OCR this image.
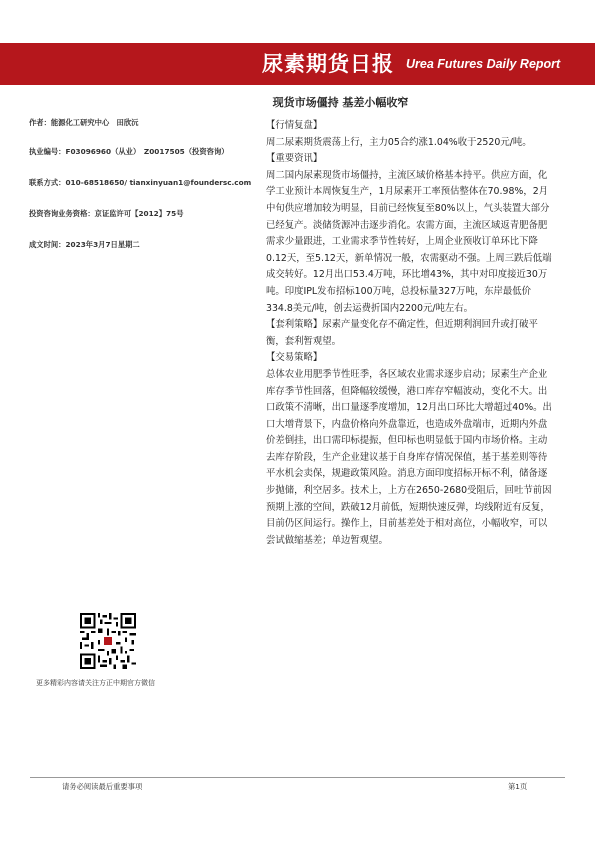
尿素期货日报 Urea Futures Daily Report
现货市场僵持 基差小幅收窄
作者：能源化工研究中心　田欣沅
执业编号：F03096960（从业）　Z0017505（投资咨询）
联系方式：010-68518650/ tianxinyuan1@foundersc.com
投资咨询业务资格：京证监许可【2012】75号
成文时间：2023年3月7日星期二
【行情复盘】
周二尿素期货震荡上行，主力05合约涨1.04%收于2520元/吨。
【重要资讯】
周二国内尿素现货市场僵持，主流区域价格基本持平。供应方面，化学工业预计本周恢复生产，1月尿素开工率预估整体在70.98%，2月中旬供应增加较为明显，目前已经恢复至80%以上，气头装置大部分已经复产。淡储货源冲击逐步消化。农需方面，主流区域返青肥备肥需求少量跟进，工业需求季节性转好，上周企业预收订单环比下降0.12天，至5.12天，新单情况一般，农需驱动不强。上周三跌后低端成交转好。12月出口53.4万吨，环比增43%，其中对印度接近30万吨。印度IPL发布招标100万吨，总投标量327万吨，东岸最低价334.8美元/吨，创去运费折国内2200元/吨左右。
【套利策略】尿素产量变化存不确定性，但近期利润回升或打破平衡，套利暂观望。
【交易策略】
总体农业用肥季节性旺季，各区域农业需求逐步启动；尿素生产企业库存季节性回落，但降幅较缓慢，港口库存窄幅波动，变化不大。出口政策不清晰，出口量逐季度增加，12月出口环比大增超过40%。出口大增背景下，内盘价格向外盘靠近，也造成外盘端市，近期内外盘价差倒挂，出口需印标提振，但印标也明显低于国内市场价格。主动去库存阶段，生产企业建议基于自身库存情况保值，基于基差则等待平水机会卖保，规避政策风险。消息方面印度招标开标不利，储备逐步抛储，利空居多。技术上，上方在2650-2680受阻后，回吐节前因预期上涨的空间，跌破12月前低，短期快速反弹，均线附近有反复，目前仍区间运行。操作上，目前基差处于相对高位，小幅收窄，可以尝试做缩基差；单边暂观望。
更多精彩内容请关注方正中期官方微信
请务必阅读最后重要事项	第1页
